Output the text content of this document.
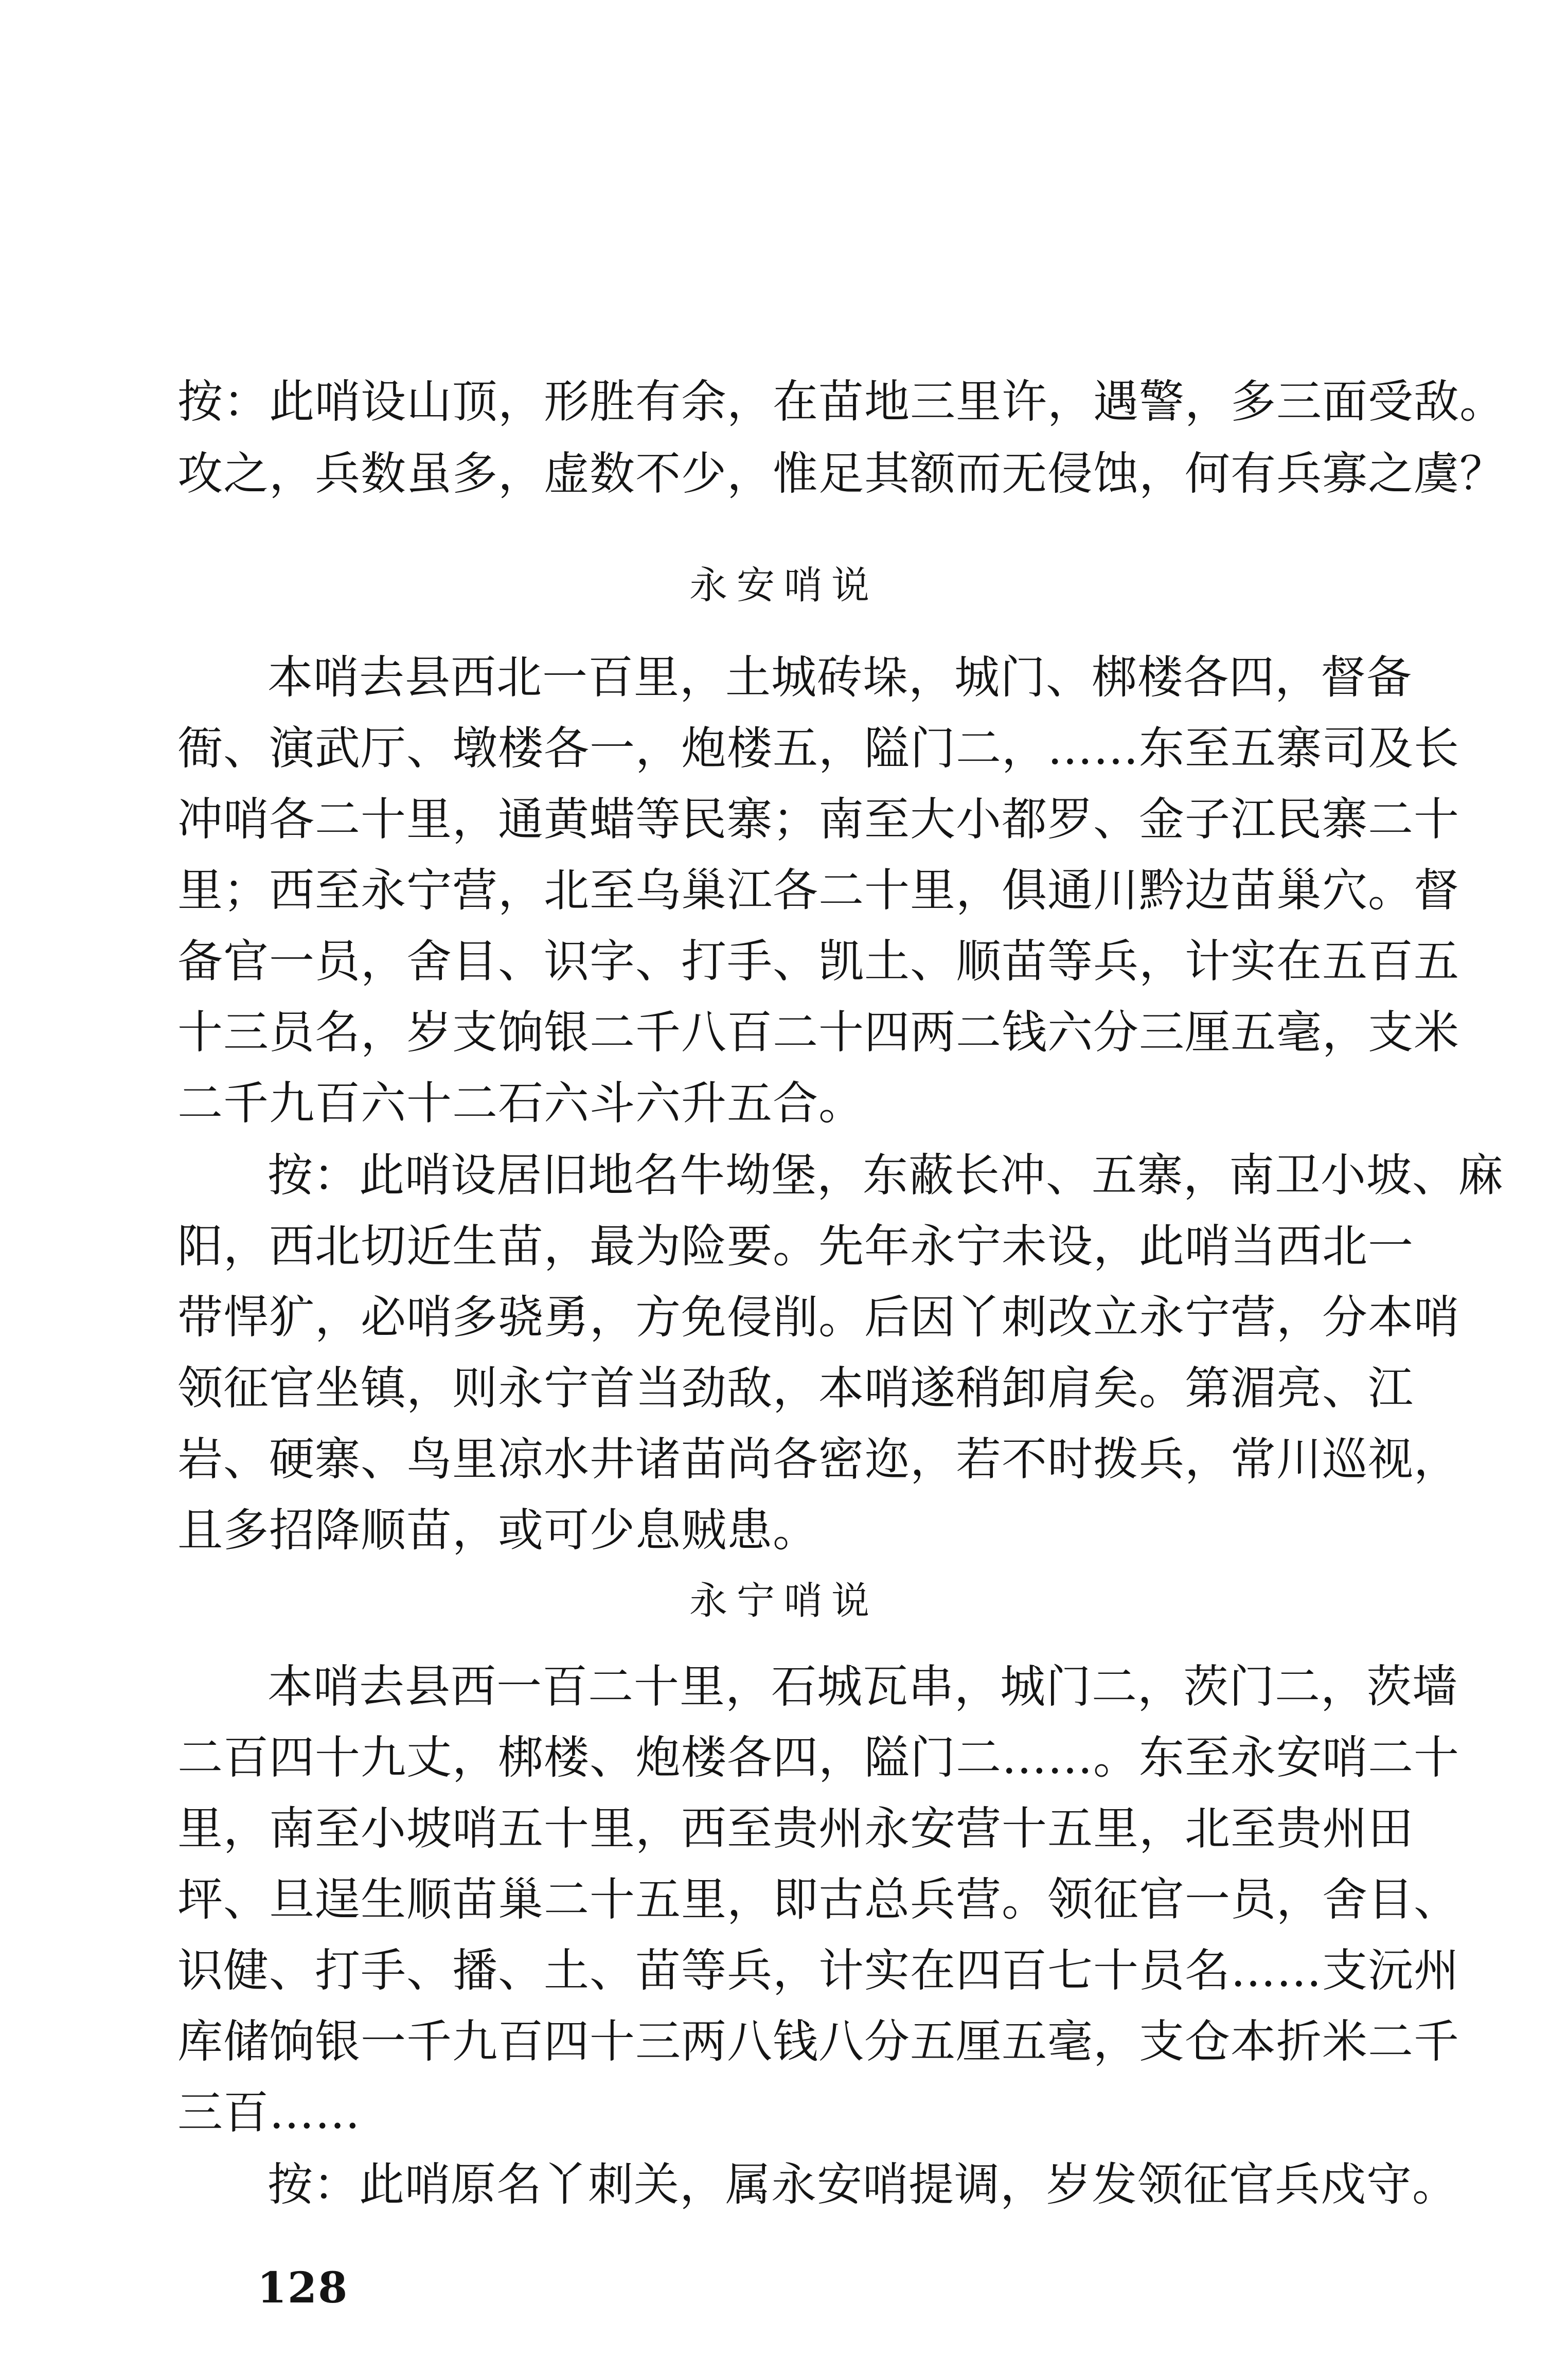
按：此哨设山顶，形胜有余，在苗地三里许，遇警，多三面受敌。
攻之，兵数虽多，虚数不少，惟足其额而无侵蚀，何有兵寡之虞？
永安哨说
本哨去县西北一百里，土城砖垛，城门、梆楼各四，督备
衙、演武厅、墩楼各一，炮楼五，隘门二，……东至五寨司及长
冲哨各二十里，通黄蜡等民寨；南至大小都罗、金子江民寨二十
里；西至永宁营，北至乌巢江各二十里，俱通川黔边苗巢穴。督
备官一员，舍目、识字、打手、凯土、顺苗等兵，计实在五百五
十三员名，岁支饷银二千八百二十四两二钱六分三厘五毫，支米
二千九百六十二石六斗六升五合。
按：此哨设居旧地名牛坳堡，东蔽长冲、五寨，南卫小坡、麻
阳，西北切近生苗，最为险要。先年永宁未设，此哨当西北一
带悍犷，必哨多骁勇，方免侵削。后因丫刺改立永宁营，分本哨
领征官坐镇，则永宁首当劲敌，本哨遂稍卸肩矣。第湄亮、江
岩、硬寨、鸟里凉水井诸苗尚各密迩，若不时拨兵，常川巡视，
且多招降顺苗，或可少息贼患。
永宁哨说
本哨去县西一百二十里，石城瓦串，城门二，茨门二，茨墙
二百四十九丈，梆楼、炮楼各四，隘门二……。东至永安哨二十
里，南至小坡哨五十里，西至贵州永安营十五里，北至贵州田
坪、旦逞生顺苗巢二十五里，即古总兵营。领征官一员，舍目、
识健、打手、播、土、苗等兵，计实在四百七十员名……支沅州
库储饷银一千九百四十三两八钱八分五厘五毫，支仓本折米二千
三百……
按：此哨原名丫刺关，属永安哨提调，岁发领征官兵戍守。
128
